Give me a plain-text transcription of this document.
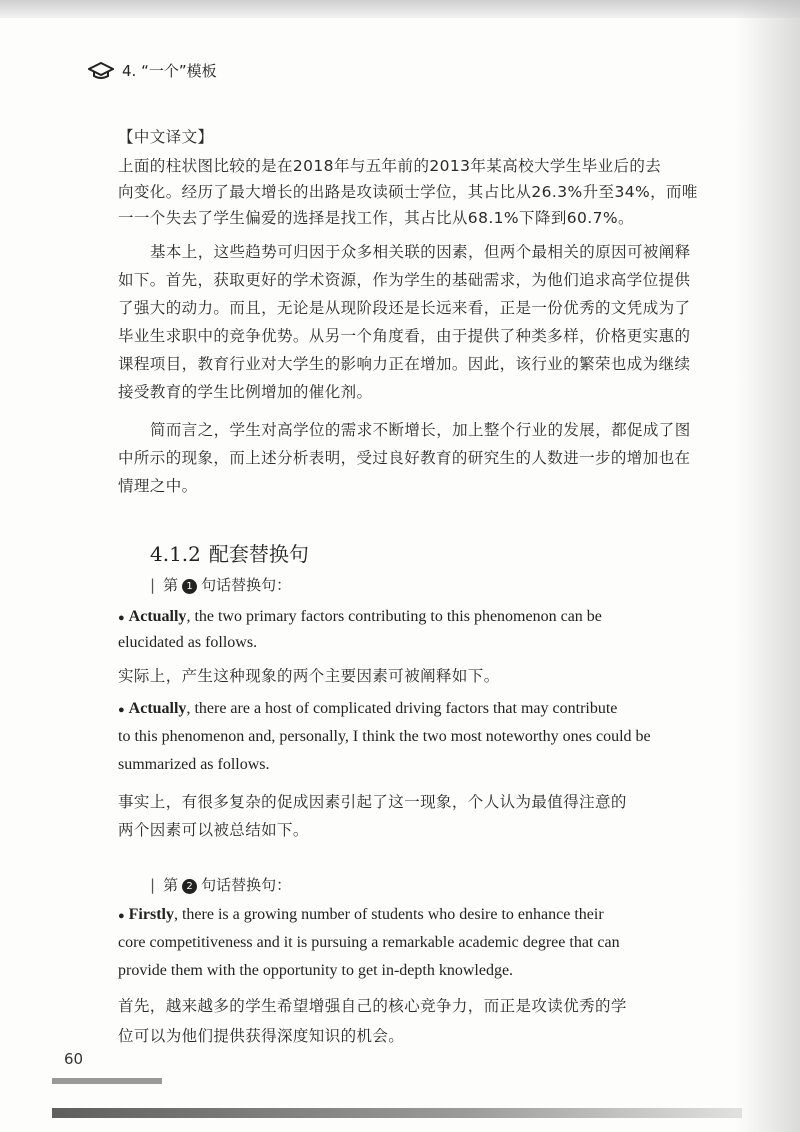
4. “一个”模板
【中文译文】
上面的柱状图比较的是在2018年与五年前的2013年某高校大学生毕业后的去
向变化。经历了最大增长的出路是攻读硕士学位，其占比从26.3%升至34%，而唯
一一个失去了学生偏爱的选择是找工作，其占比从68.1%下降到60.7%。
基本上，这些趋势可归因于众多相关联的因素，但两个最相关的原因可被阐释
如下。首先，获取更好的学术资源，作为学生的基础需求，为他们追求高学位提供
了强大的动力。而且，无论是从现阶段还是长远来看，正是一份优秀的文凭成为了
毕业生求职中的竞争优势。从另一个角度看，由于提供了种类多样，价格更实惠的
课程项目，教育行业对大学生的影响力正在增加。因此，该行业的繁荣也成为继续
接受教育的学生比例增加的催化剂。
简而言之，学生对高学位的需求不断增长，加上整个行业的发展，都促成了图
中所示的现象，而上述分析表明，受过良好教育的研究生的人数进一步的增加也在
情理之中。
4.1.2 配套替换句
| 第 1 句话替换句：
● Actually, the two primary factors contributing to this phenomenon can be
elucidated as follows.
实际上，产生这种现象的两个主要因素可被阐释如下。
● Actually, there are a host of complicated driving factors that may contribute
to this phenomenon and, personally, I think the two most noteworthy ones could be
summarized as follows.
事实上，有很多复杂的促成因素引起了这一现象，个人认为最值得注意的
两个因素可以被总结如下。
| 第 2 句话替换句：
● Firstly, there is a growing number of students who desire to enhance their
core competitiveness and it is pursuing a remarkable academic degree that can
provide them with the opportunity to get in-depth knowledge.
首先，越来越多的学生希望增强自己的核心竞争力，而正是攻读优秀的学
位可以为他们提供获得深度知识的机会。
60
